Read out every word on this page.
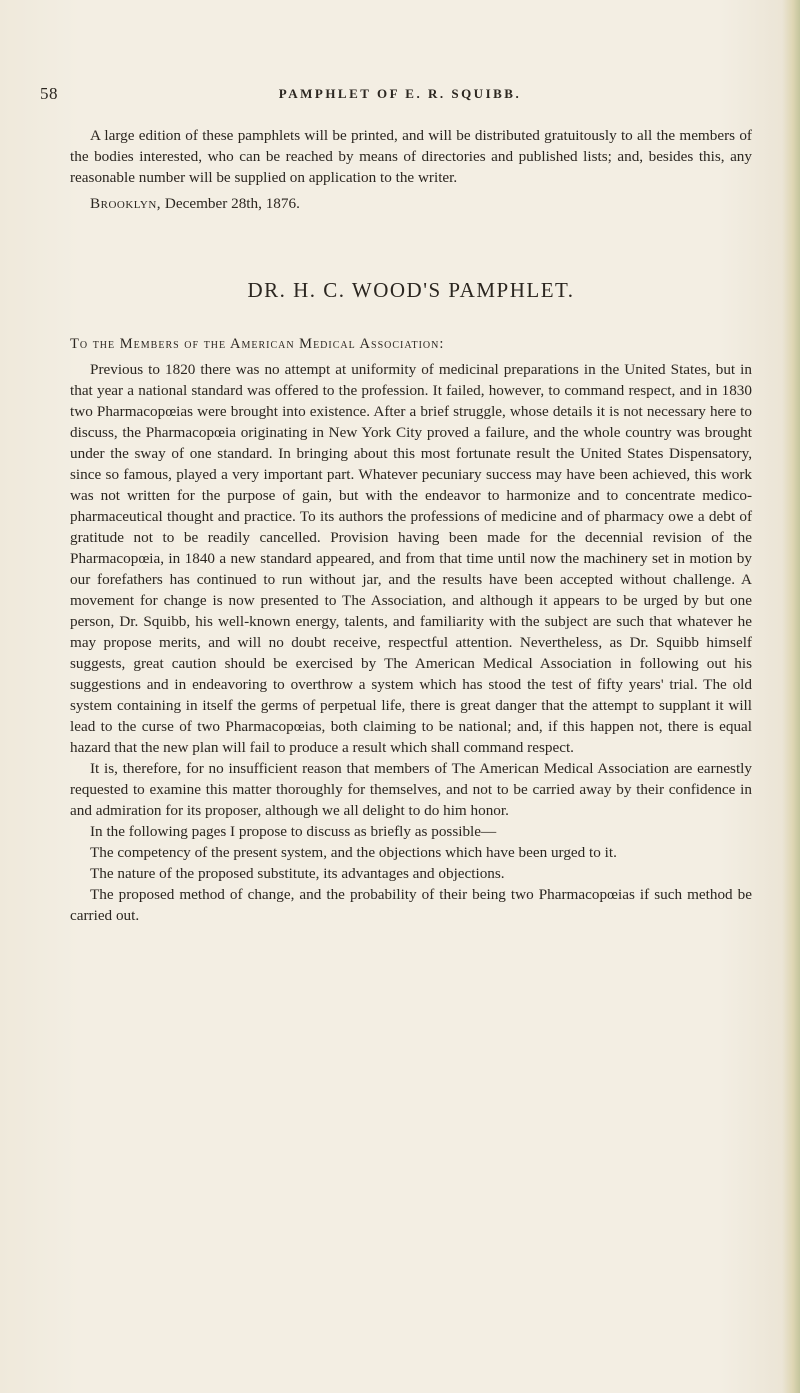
58	PAMPHLET OF E. R. SQUIBB.

A large edition of these pamphlets will be printed, and will be distributed gratuitously to all the members of the bodies interested, who can be reached by means of directories and published lists; and, besides this, any reasonable number will be supplied on application to the writer.

Brooklyn, December 28th, 1876.

DR. H. C. WOOD'S PAMPHLET.

To the Members of the American Medical Association:

Previous to 1820 there was no attempt at uniformity of medicinal preparations in the United States, but in that year a national standard was offered to the profession. It failed, however, to command respect, and in 1830 two Pharmacopœias were brought into existence. After a brief struggle, whose details it is not necessary here to discuss, the Pharmacopœia originating in New York City proved a failure, and the whole country was brought under the sway of one standard. In bringing about this most fortunate result the United States Dispensatory, since so famous, played a very important part. Whatever pecuniary success may have been achieved, this work was not written for the purpose of gain, but with the endeavor to harmonize and to concentrate medico-pharmaceutical thought and practice. To its authors the professions of medicine and of pharmacy owe a debt of gratitude not to be readily cancelled. Provision having been made for the decennial revision of the Pharmacopœia, in 1840 a new standard appeared, and from that time until now the machinery set in motion by our forefathers has continued to run without jar, and the results have been accepted without challenge. A movement for change is now presented to The Association, and although it appears to be urged by but one person, Dr. Squibb, his well-known energy, talents, and familiarity with the subject are such that whatever he may propose merits, and will no doubt receive, respectful attention. Nevertheless, as Dr. Squibb himself suggests, great caution should be exercised by The American Medical Association in following out his suggestions and in endeavoring to overthrow a system which has stood the test of fifty years' trial. The old system containing in itself the germs of perpetual life, there is great danger that the attempt to supplant it will lead to the curse of two Pharmacopœias, both claiming to be national; and, if this happen not, there is equal hazard that the new plan will fail to produce a result which shall command respect.

It is, therefore, for no insufficient reason that members of The American Medical Association are earnestly requested to examine this matter thoroughly for themselves, and not to be carried away by their confidence in and admiration for its proposer, although we all delight to do him honor.

In the following pages I propose to discuss as briefly as possible—

The competency of the present system, and the objections which have been urged to it.

The nature of the proposed substitute, its advantages and objections.

The proposed method of change, and the probability of their being two Pharmacopœias if such method be carried out.
